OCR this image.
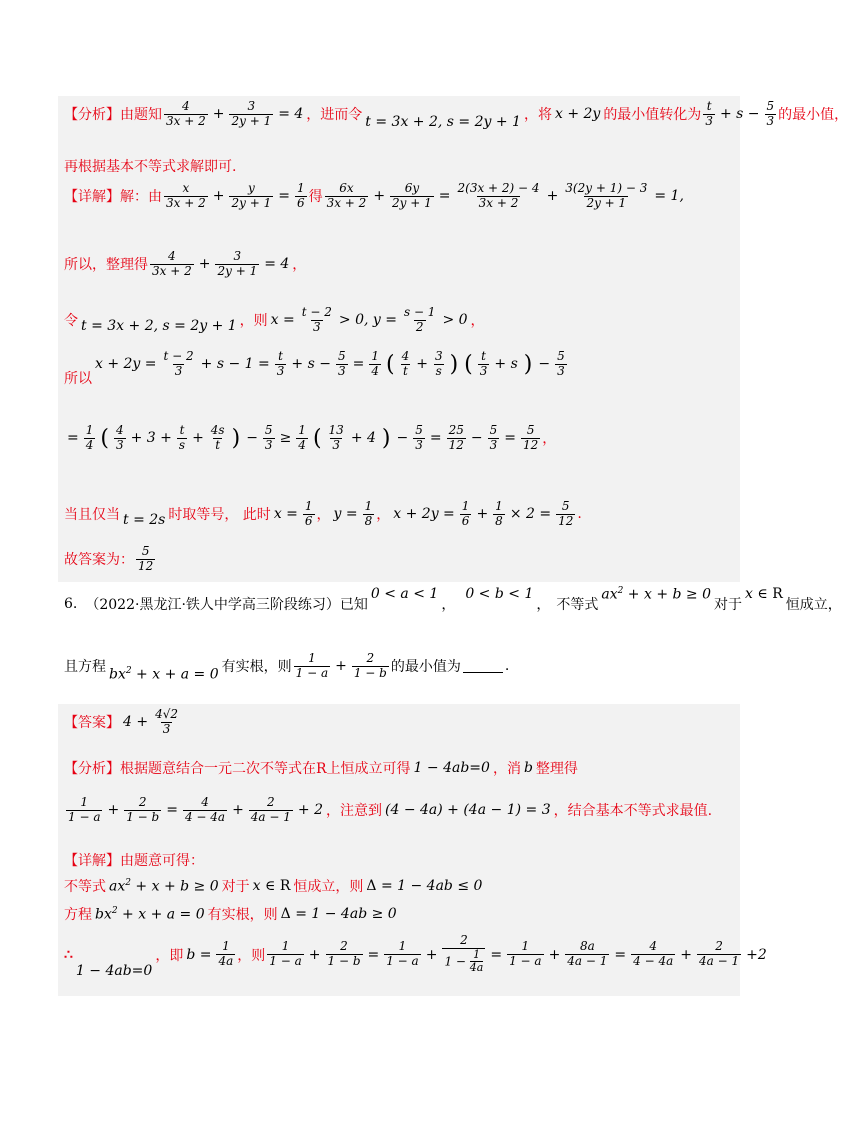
【分析】 由题知 $\frac{4}{3x + 2} + \frac{3}{2y + 1} = 4$ ，进而令 t = 3x + 2, s = 2y + 1 ，将 x + 2y 的最小值转化为 $\frac{t}{3} + s - \frac{5}{3}$ 的最小值，
再根据基本不等式求解即可.
【详解】 解：由 $\frac{x}{3x + 2} + \frac{y}{2y + 1} = \frac{1}{6}$ 得 $\frac{6x}{3x + 2} + \frac{6y}{2y + 1} = \frac{2(3x + 2) - 4}{3x + 2} + \frac{3(2y + 1) - 3}{2y + 1} = 1$,
所以，整理得 $\frac{4}{3x + 2} + \frac{3}{2y + 1} = 4$ ，
令 t = 3x + 2, s = 2y + 1 ，则 $x = \frac{t - 2}{3} > 0$, $y = \frac{s - 1}{2} > 0$ ，
所以
$x + 2y = \frac{t - 2}{3} + s - 1 = \frac{t}{3} + s - \frac{5}{3} = \frac{1}{4}$ ( $\frac{4}{t} + \frac{3}{s}$ ) ( $\frac{t}{3} + s$ ) − $\frac{5}{3}$
= $\frac{1}{4}$ ( $\frac{4}{3} + 3 + \frac{t}{s} + \frac{4s}{t}$ ) − $\frac{5}{3} \ge \frac{1}{4}$ ( $\frac{13}{3} + 4$ ) − $\frac{5}{3} = \frac{25}{12} - \frac{5}{3} = \frac{5}{12}$ ，
当且仅当 t = 2s 时取等号， 此时 $x = \frac{1}{6}$ ， $y = \frac{1}{8}$ ， $x + 2y = \frac{1}{6} + \frac{1}{8} \times 2 = \frac{5}{12}$ .
故答案为： $\frac{5}{12}$
6. （2022·黑龙江·铁人中学高三阶段练习）已知
0 < a < 1
，
0 < b < 1
， 不等式
$ax^2 + x + b \ge 0$
对于
x ∈ R
恒成立，
且方程 $bx^2 + x + a = 0$ 有实根，则 $\frac{1}{1 - a} + \frac{2}{1 - b}$ 的最小值为	.
【答案】 $4 + \frac{4√2}{3}$
【分析】 根据题意结合一元二次不等式在R上恒成立可得 1 − 4ab=0 ，消 b 整理得
$\frac{1}{1 - a} + \frac{2}{1 - b} = \frac{4}{4 - 4a} + \frac{2}{4a - 1} + 2$ ，注意到 (4 − 4a) + (4a − 1) = 3 ，结合基本不等式求最值.
【详解】 由题意可得：
不等式 $ax^2 + x + b \ge 0$ 对于 x ∈ R 恒成立，则 Δ = 1 − 4ab ≤ 0
方程 $bx^2 + x + a = 0$ 有实根，则 Δ = 1 − 4ab ≥ 0
∴
1 − 4ab=0
，即 $b = \frac{1}{4a}$ ，则 $\frac{1}{1 - a} + \frac{2}{1 - b} = \frac{1}{1 - a} + \frac{2}{1 - \frac{1}{4a}} = \frac{1}{1 - a} + \frac{8a}{4a - 1} = \frac{4}{4 - 4a} + \frac{2}{4a - 1} +2$
